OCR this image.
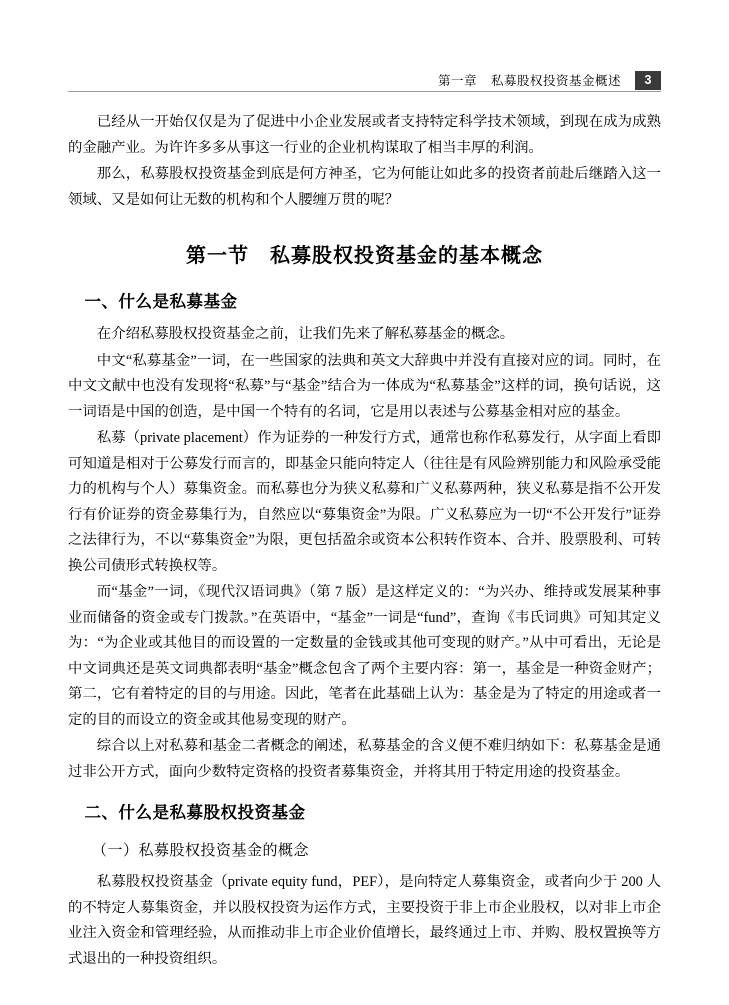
第一章 私募股权投资基金概述	3

已经从一开始仅仅是为了促进中小企业发展或者支持特定科学技术领域，到现在成为成熟的金融产业。为许许多多从事这一行业的企业机构谋取了相当丰厚的利润。

那么，私募股权投资基金到底是何方神圣，它为何能让如此多的投资者前赴后继踏入这一领域、又是如何让无数的机构和个人腰缠万贯的呢？

第一节　私募股权投资基金的基本概念
一、什么是私募基金

在介绍私募股权投资基金之前，让我们先来了解私募基金的概念。

中文“私募基金”一词，在一些国家的法典和英文大辞典中并没有直接对应的词。同时，在中文文献中也没有发现将“私募”与“基金”结合为一体成为“私募基金”这样的词，换句话说，这一词语是中国的创造，是中国一个特有的名词，它是用以表述与公募基金相对应的基金。

私募（private placement）作为证券的一种发行方式，通常也称作私募发行，从字面上看即可知道是相对于公募发行而言的，即基金只能向特定人（往往是有风险辨别能力和风险承受能力的机构与个人）募集资金。而私募也分为狭义私募和广义私募两种，狭义私募是指不公开发行有价证券的资金募集行为，自然应以“募集资金”为限。广义私募应为一切“不公开发行”证券之法律行为，不以“募集资金”为限，更包括盈余或资本公积转作资本、合并、股票股利、可转换公司债形式转换权等。

而“基金”一词，《现代汉语词典》（第 7 版）是这样定义的：“为兴办、维持或发展某种事业而储备的资金或专门拨款。”在英语中，“基金”一词是“fund”，查询《韦氏词典》可知其定义为：“为企业或其他目的而设置的一定数量的金钱或其他可变现的财产。”从中可看出，无论是中文词典还是英文词典都表明“基金”概念包含了两个主要内容：第一，基金是一种资金财产；第二，它有着特定的目的与用途。因此，笔者在此基础上认为：基金是为了特定的用途或者一定的目的而设立的资金或其他易变现的财产。

综合以上对私募和基金二者概念的阐述，私募基金的含义便不难归纳如下：私募基金是通过非公开方式，面向少数特定资格的投资者募集资金，并将其用于特定用途的投资基金。

二、什么是私募股权投资基金
（一）私募股权投资基金的概念

私募股权投资基金（private equity fund，PEF），是向特定人募集资金，或者向少于 200 人的不特定人募集资金，并以股权投资为运作方式，主要投资于非上市企业股权，以对非上市企业注入资金和管理经验，从而推动非上市企业价值增长，最终通过上市、并购、股权置换等方式退出的一种投资组织。
